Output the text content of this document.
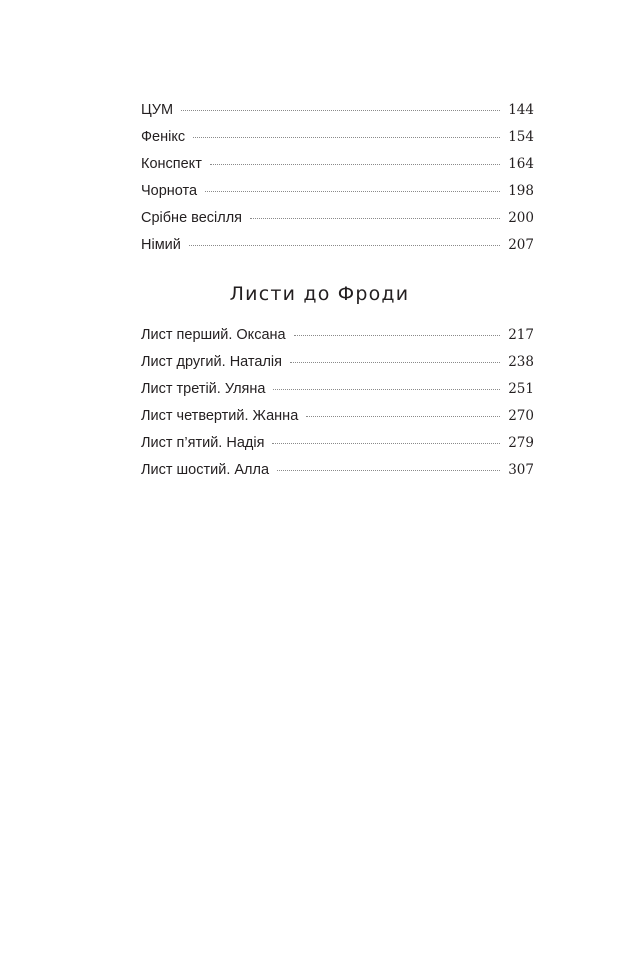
ЦУМ	144
Фенікс	154
Конспект	164
Чорнота	198
Срібне весілля	200
Німий	207
Листи до Фроди
Лист перший. Оксана	217
Лист другий. Наталія	238
Лист третій. Уляна	251
Лист четвертий. Жанна	270
Лист п’ятий. Надія	279
Лист шостий. Алла	307
